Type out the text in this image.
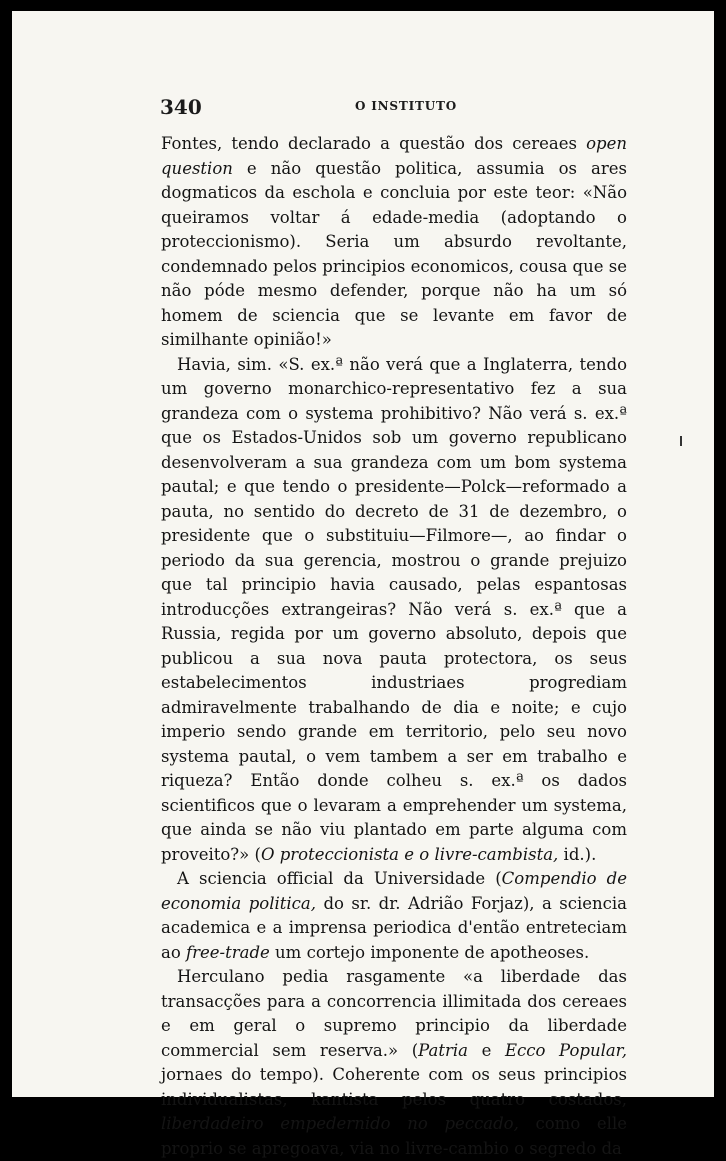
340	O INSTITUTO

Fontes, tendo declarado a questão dos cereaes open question e não questão politica, assumia os ares dogmaticos da eschola e concluia por este teor: «Não queiramos voltar á edade-media (adoptando o proteccionismo). Seria um absurdo revoltante, condemnado pelos principios economicos, cousa que se não póde mesmo defender, porque não ha um só homem de sciencia que se levante em favor de similhante opinião!»

Havia, sim. «S. ex.ª não verá que a Inglaterra, tendo um governo monarchico-representativo fez a sua grandeza com o systema prohibitivo? Não verá s. ex.ª que os Estados-Unidos sob um governo republicano desenvolveram a sua grandeza com um bom systema pautal; e que tendo o presidente—Polck—reformado a pauta, no sentido do decreto de 31 de dezembro, o presidente que o substituiu—Filmore—, ao findar o periodo da sua gerencia, mostrou o grande prejuizo que tal principio havia causado, pelas espantosas introducções extrangeiras? Não verá s. ex.ª que a Russia, regida por um governo absoluto, depois que publicou a sua nova pauta protectora, os seus estabelecimentos industriaes progrediam admiravelmente trabalhando de dia e noite; e cujo imperio sendo grande em territorio, pelo seu novo systema pautal, o vem tambem a ser em trabalho e riqueza? Então donde colheu s. ex.ª os dados scientificos que o levaram a emprehender um systema, que ainda se não viu plantado em parte alguma com proveito?» (O proteccionista e o livre-cambista, id.).

A sciencia official da Universidade (Compendio de economia politica, do sr. dr. Adrião Forjaz), a sciencia academica e a imprensa periodica d'então entreteciam ao free-trade um cortejo imponente de apotheoses.

Herculano pedia rasgamente «a liberdade das transacções para a concorrencia illimitada dos cereaes e em geral o supremo principio da liberdade commercial sem reserva.» (Patria e Ecco Popular, jornaes do tempo). Coherente com os seus principios individualistas, kantista pelos quatro costados, liberdadeiro empedernido no peccado, como elle proprio se apregoava, via no livre-cambio o segredo da
